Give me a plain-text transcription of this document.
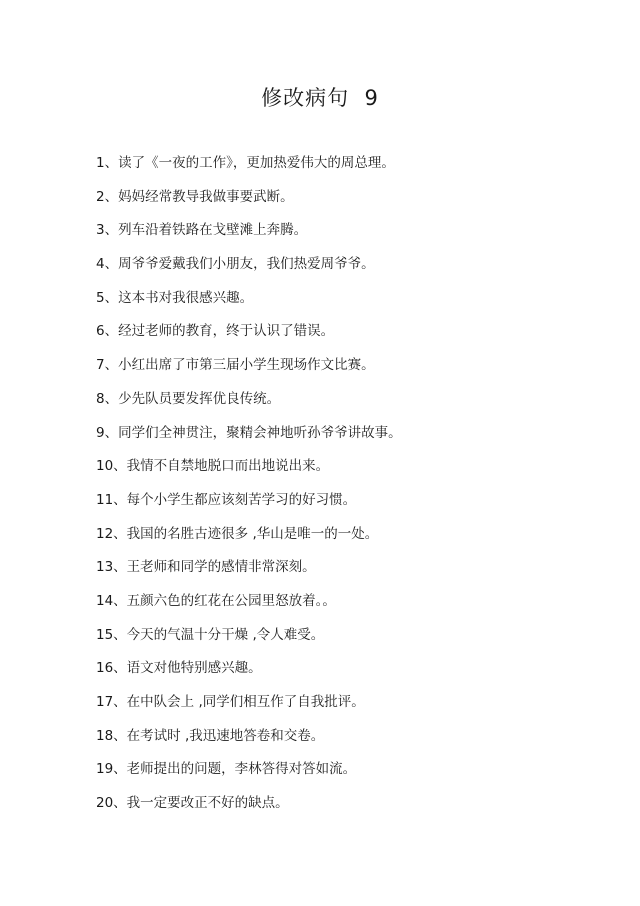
修改病句  9
1、读了《一夜的工作》，更加热爱伟大的周总理。
2、妈妈经常教导我做事要武断。
3、列车沿着铁路在戈壁滩上奔腾。
4、周爷爷爱戴我们小朋友，我们热爱周爷爷。
5、这本书对我很感兴趣。
6、经过老师的教育，终于认识了错误。
7、小红出席了市第三届小学生现场作文比赛。
8、少先队员要发挥优良传统。
9、同学们全神贯注，聚精会神地听孙爷爷讲故事。
10、我情不自禁地脱口而出地说出来。
11、每个小学生都应该刻苦学习的好习惯。
12、我国的名胜古迹很多 ,华山是唯一的一处。
13、王老师和同学的感情非常深刻。
14、五颜六色的红花在公园里怒放着。。
15、今天的气温十分干燥 ,令人难受。
16、语文对他特别感兴趣。
17、在中队会上 ,同学们相互作了自我批评。
18、在考试时 ,我迅速地答卷和交卷。
19、老师提出的问题，李林答得对答如流。
20、我一定要改正不好的缺点。
